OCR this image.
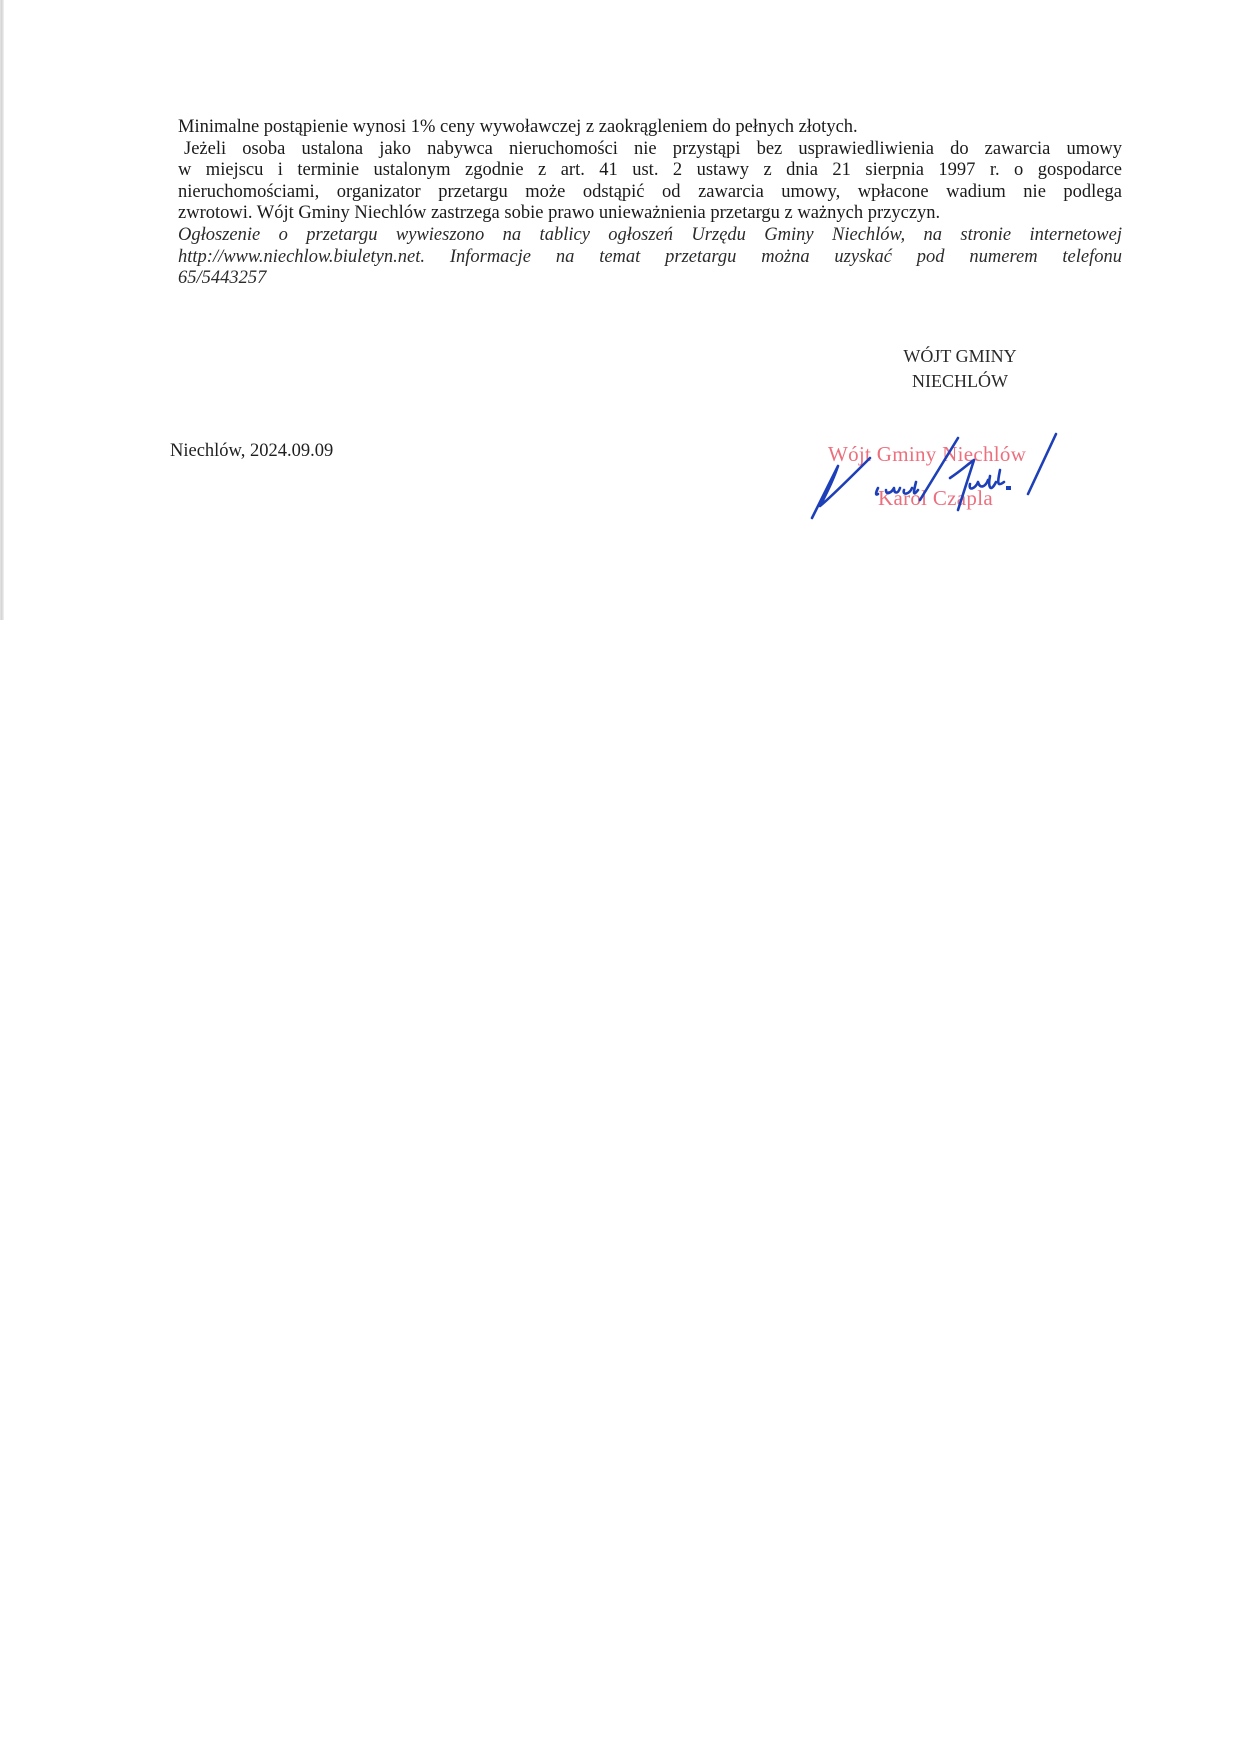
Minimalne postąpienie wynosi 1% ceny wywoławczej z zaokrągleniem do pełnych złotych.

Jeżeli osoba ustalona jako nabywca nieruchomości nie przystąpi bez usprawiedliwienia do zawarcia umowy
w miejscu i terminie ustalonym zgodnie z art. 41 ust. 2 ustawy z dnia 21 sierpnia 1997 r. o gospodarce
nieruchomościami, organizator przetargu może odstąpić od zawarcia umowy, wpłacone wadium nie podlega
zwrotowi. Wójt Gminy Niechlów zastrzega sobie prawo unieważnienia przetargu z ważnych przyczyn.

Ogłoszenie o przetargu wywieszono na tablicy ogłoszeń Urzędu Gminy Niechlów, na stronie internetowej
http://www.niechlow.biuletyn.net. Informacje na temat przetargu można uzyskać pod numerem telefonu
65/5443257

WÓJT GMINY
NIECHLÓW
Niechlów, 2024.09.09	Wójt Gminy Niechlów
Karol Czapla
